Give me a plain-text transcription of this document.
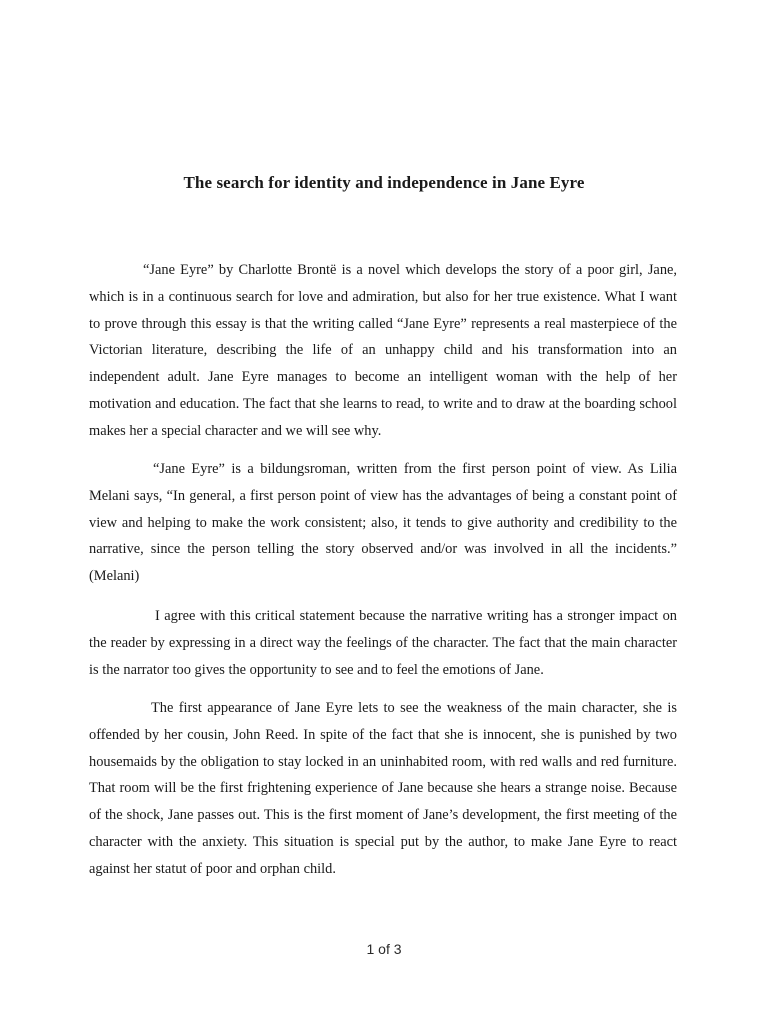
The search for identity and independence in Jane Eyre

“Jane Eyre” by Charlotte Brontë is a novel which develops the story of a poor girl, Jane, which is in a continuous search for love and admiration, but also for her true existence. What I want to prove through this essay is that the writing called “Jane Eyre” represents a real masterpiece of the Victorian literature, describing the life of an unhappy child and his transformation into an independent adult. Jane Eyre manages to become an intelligent woman with the help of her motivation and education. The fact that she learns to read, to write and to draw at the boarding school makes her a special character and we will see why.

“Jane Eyre” is a bildungsroman, written from the first person point of view. As Lilia Melani says, “In general, a first person point of view has the advantages of being a constant point of view and helping to make the work consistent; also, it tends to give authority and credibility to the narrative, since the person telling the story observed and/or was involved in all the incidents.” (Melani)

I agree with this critical statement because the narrative writing has a stronger impact on the reader by expressing in a direct way the feelings of the character. The fact that the main character is the narrator too gives the opportunity to see and to feel the emotions of Jane.

The first appearance of Jane Eyre lets to see the weakness of the main character, she is offended by her cousin, John Reed. In spite of the fact that she is innocent, she is punished by two housemaids by the obligation to stay locked in an uninhabited room, with red walls and red furniture. That room will be the first frightening experience of Jane because she hears a strange noise. Because of the shock, Jane passes out. This is the first moment of Jane’s development, the first meeting of the character with the anxiety. This situation is special put by the author, to make Jane Eyre to react against her statut of poor and orphan child.

1 of 3
